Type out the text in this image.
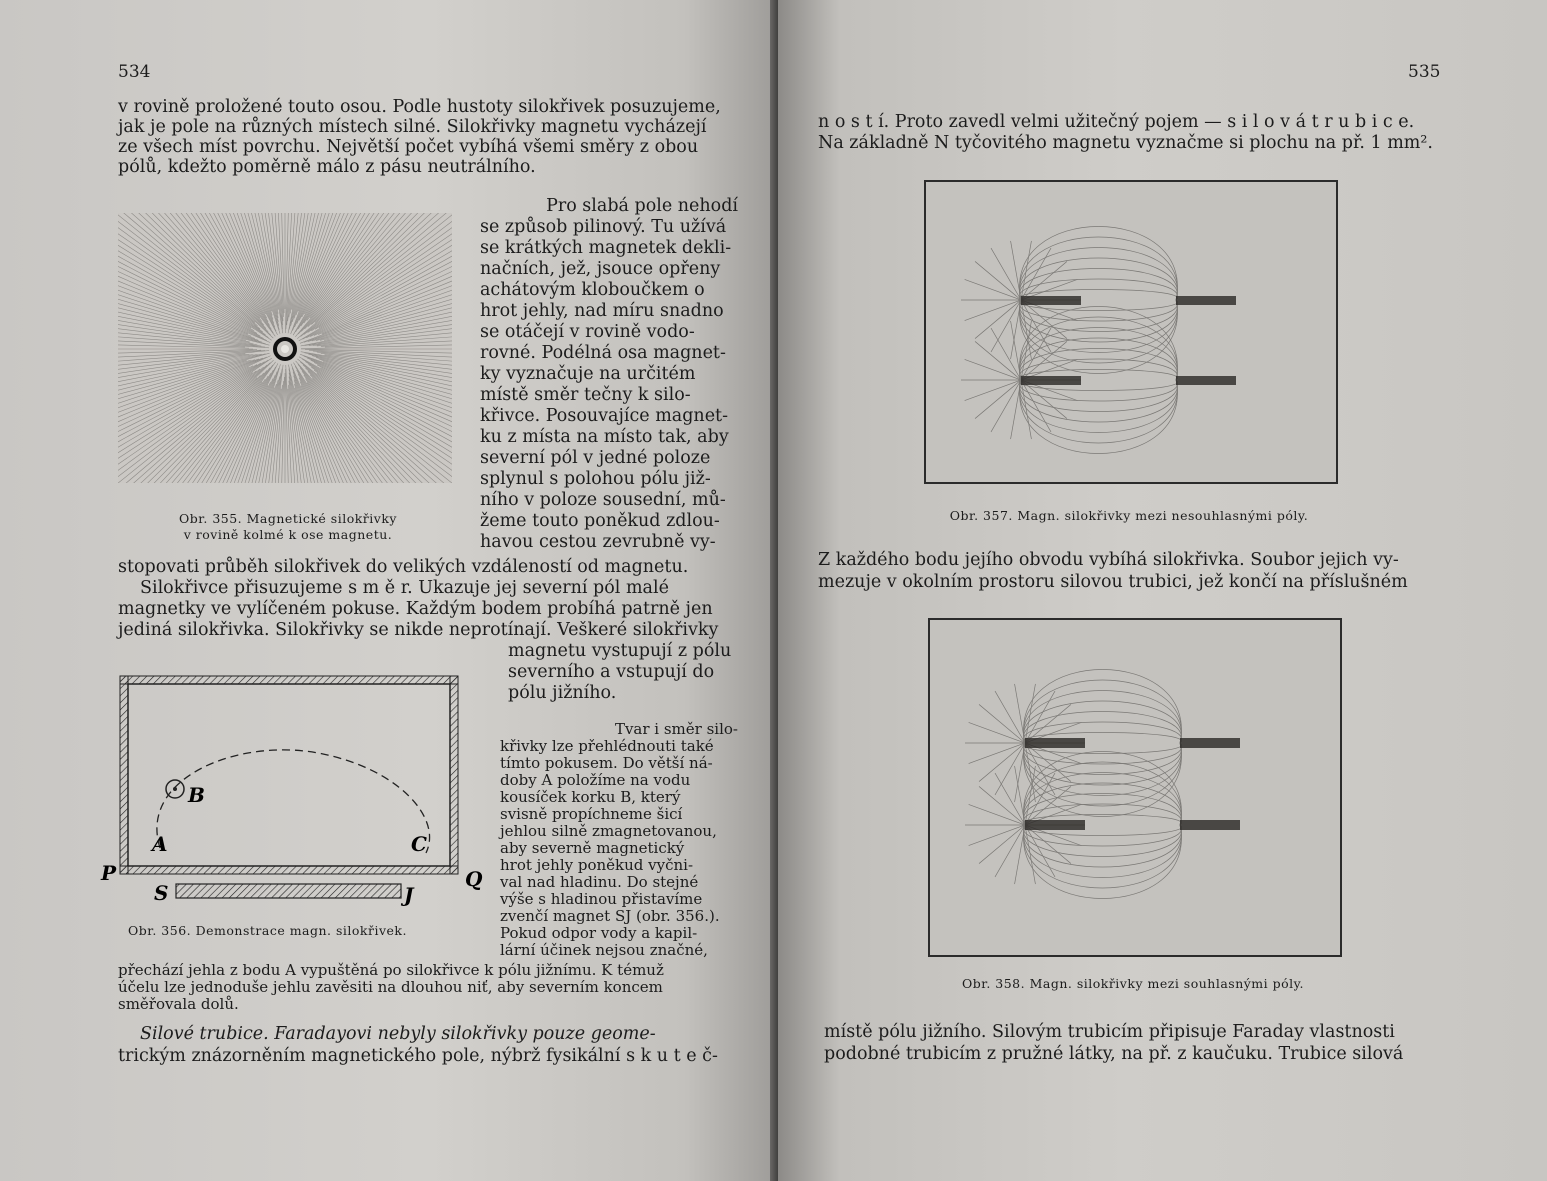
534
v rovině proložené touto osou. Podle hustoty silokřivek posuzujeme,
jak je pole na různých místech silné. Silokřivky magnetu vycházejí
ze všech míst povrchu. Největší počet vybíhá všemi směry z obou
pólů, kdežto poměrně málo z pásu neutrálního.
Obr. 355. Magnetické silokřivky
v rovině kolmé k ose magnetu.
Pro slabá pole nehodí
se způsob pilinový. Tu užívá
se krátkých magnetek dekli-
načních, jež, jsouce opřeny
achátovým kloboučkem o
hrot jehly, nad míru snadno
se otáčejí v rovině vodo-
rovné. Podélná osa magnet-
ky vyznačuje na určitém
místě směr tečny k silo-
křivce. Posouvajíce magnet-
ku z místa na místo tak, aby
severní pól v jedné poloze
splynul s polohou pólu již-
ního v poloze sousední, mů-
žeme touto poněkud zdlou-
havou cestou zevrubně vy-
stopovati průběh silokřivek do velikých vzdáleností od magnetu.
Silokřivce přisuzujeme s m ě r. Ukazuje jej severní pól malé
magnetky ve vylíčeném pokuse. Každým bodem probíhá patrně jen
jediná silokřivka. Silokřivky se nikde neprotínají. Veškeré silokřivky
magnetu vystupují z pólu
severního a vstupují do
pólu jižního.
B
A	C
P	Q
S	J
Obr. 356. Demonstrace magn. silokřivek.
Tvar i směr silo-
křivky lze přehlédnouti také
tímto pokusem. Do větší ná-
doby A položíme na vodu
kousíček korku B, který
svisně propíchneme šicí
jehlou silně zmagnetovanou,
aby severně magnetický
hrot jehly poněkud vyčni-
val nad hladinu. Do stejné
výše s hladinou přistavíme
zvenčí magnet SJ (obr. 356.).
Pokud odpor vody a kapil-
lární účinek nejsou značné,
přechází jehla z bodu A vypuštěná po silokřivce k pólu jižnímu. K témuž
účelu lze jednoduše jehlu zavěsiti na dlouhou niť, aby severním koncem
směřovala dolů.
Silové trubice. Faradayovi nebyly silokřivky pouze geome-
trickým znázorněním magnetického pole, nýbrž fysikální s k u t e č-
535
n o s t í. Proto zavedl velmi užitečný pojem — s i l o v á t r u b i c e.
Na základně N tyčovitého magnetu vyznačme si plochu na př. 1 mm².
Obr. 357. Magn. silokřivky mezi nesouhlasnými póly.
Z každého bodu jejího obvodu vybíhá silokřivka. Soubor jejich vy-
mezuje v okolním prostoru silovou trubici, jež končí na příslušném
Obr. 358. Magn. silokřivky mezi souhlasnými póly.
místě pólu jižního. Silovým trubicím připisuje Faraday vlastnosti
podobné trubicím z pružné látky, na př. z kaučuku. Trubice silová
